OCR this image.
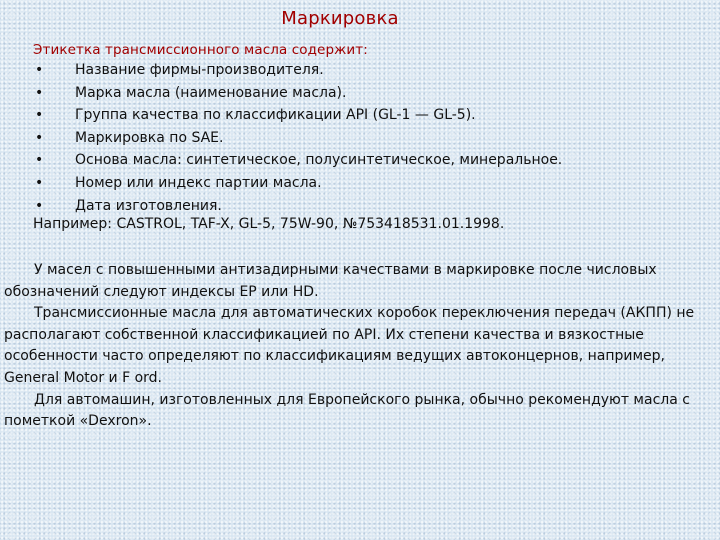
Маркировка
Этикетка трансмиссионного масла содержит:
• Название фирмы-производителя.
• Марка масла (наименование масла).
• Группа качества по классификации API (GL-1 — GL-5).
• Маркировка по SAE.
• Основа масла: синтетическое, полусинтетическое, минеральное.
• Номер или индекс партии масла.
• Дата изготовления.
Например: CASTROL, TAF-X, GL-5, 75W-90, №753418531.01.1998.

У масел с повышенными антизадирными качествами в маркировке после числовых обозначений следуют индексы ЕР или HD.

Трансмиссионные масла для автоматических коробок переключения передач (АКПП) не располагают собственной классификацией по API. Их степени качества и вязкостные особенности часто определяют по классификациям ведущих автоконцернов, например, General Motor и F ord.

Для автомашин, изготовленных для Европейского рынка, обычно рекомендуют масла с пометкой «Dexron».
